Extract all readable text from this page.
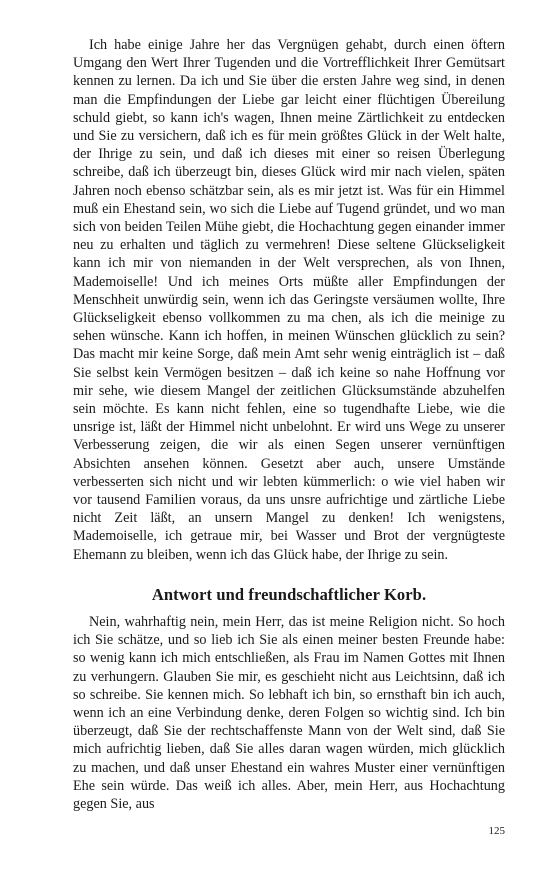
Ich habe einige Jahre her das Vergnügen gehabt, durch einen öftern Umgang den Wert Ihrer Tugenden und die Vortrefflichkeit Ihrer Gemütsart kennen zu lernen. Da ich und Sie über die ersten Jahre weg sind, in denen man die Empfindungen der Liebe gar leicht einer flüchtigen Übereilung schuld giebt, so kann ich's wagen, Ihnen meine Zärtlichkeit zu entdecken und Sie zu versichern, daß ich es für mein größtes Glück in der Welt halte, der Ihrige zu sein, und daß ich dieses mit einer so reisen Überlegung schreibe, daß ich überzeugt bin, dieses Glück wird mir nach vielen, späten Jahren noch ebenso schätzbar sein, als es mir jetzt ist. Was für ein Himmel muß ein Ehestand sein, wo sich die Liebe auf Tugend gründet, und wo man sich von beiden Teilen Mühe giebt, die Hochachtung gegen einander immer neu zu erhalten und täglich zu vermehren! Diese seltene Glückseligkeit kann ich mir von niemanden in der Welt versprechen, als von Ihnen, Mademoiselle! Und ich meines Orts müßte aller Empfindungen der Menschheit unwürdig sein, wenn ich das Geringste versäumen wollte, Ihre Glückseligkeit ebenso vollkommen zu ma chen, als ich die meinige zu sehen wünsche. Kann ich hoffen, in meinen Wünschen glücklich zu sein? Das macht mir keine Sorge, daß mein Amt sehr wenig einträglich ist – daß Sie selbst kein Vermögen besitzen – daß ich keine so nahe Hoffnung vor mir sehe, wie diesem Mangel der zeitlichen Glücksumstände abzuhelfen sein möchte. Es kann nicht fehlen, eine so tugendhafte Liebe, wie die unsrige ist, läßt der Himmel nicht unbelohnt. Er wird uns Wege zu unserer Verbesserung zeigen, die wir als einen Segen unserer vernünftigen Absichten ansehen können. Gesetzt aber auch, unsere Umstände verbesserten sich nicht und wir lebten kümmerlich: o wie viel haben wir vor tausend Familien voraus, da uns unsre aufrichtige und zärtliche Liebe nicht Zeit läßt, an unsern Mangel zu denken! Ich wenigstens, Mademoiselle, ich getraue mir, bei Wasser und Brot der vergnügteste Ehemann zu bleiben, wenn ich das Glück habe, der Ihrige zu sein.

Antwort und freundschaftlicher Korb.

Nein, wahrhaftig nein, mein Herr, das ist meine Religion nicht. So hoch ich Sie schätze, und so lieb ich Sie als einen meiner besten Freunde habe: so wenig kann ich mich entschließen, als Frau im Namen Gottes mit Ihnen zu verhungern. Glauben Sie mir, es geschieht nicht aus Leichtsinn, daß ich so schreibe. Sie kennen mich. So lebhaft ich bin, so ernsthaft bin ich auch, wenn ich an eine Verbindung denke, deren Folgen so wichtig sind. Ich bin überzeugt, daß Sie der rechtschaffenste Mann von der Welt sind, daß Sie mich aufrichtig lieben, daß Sie alles daran wagen würden, mich glücklich zu machen, und daß unser Ehestand ein wahres Muster einer vernünftigen Ehe sein würde. Das weiß ich alles. Aber, mein Herr, aus Hochachtung gegen Sie, aus

125
